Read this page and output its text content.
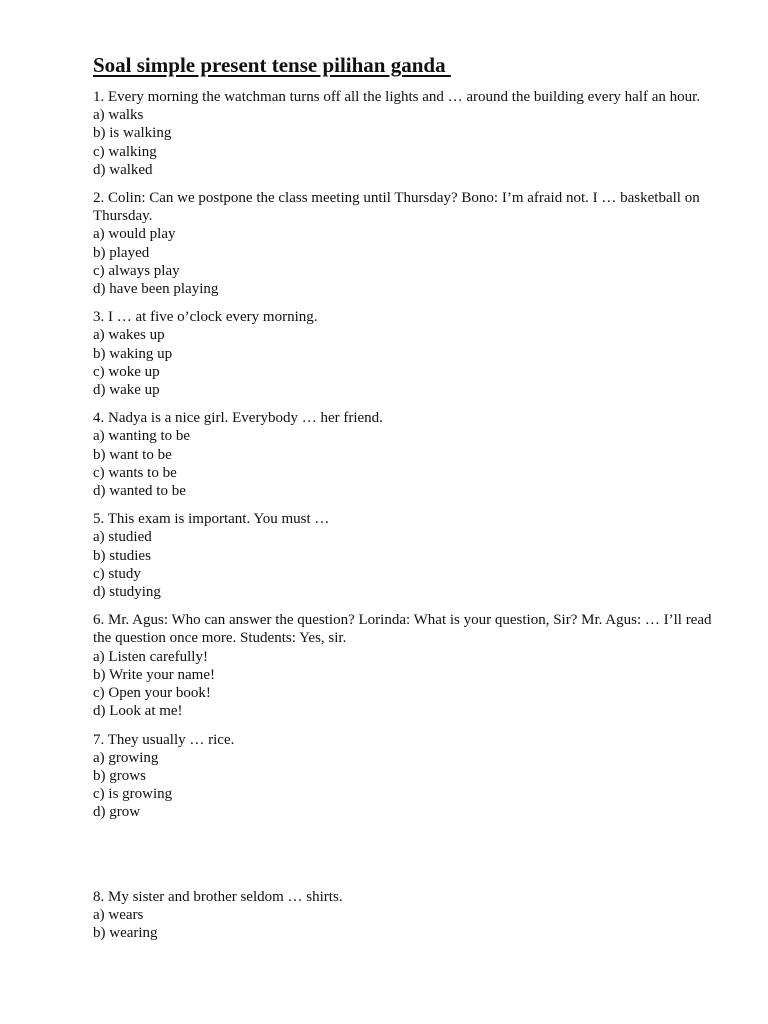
Soal simple present tense pilihan ganda

1. Every morning the watchman turns off all the lights and … around the building every half an hour.

a) walks
b) is walking
c) walking
d) walked

2. Colin: Can we postpone the class meeting until Thursday? Bono: I’m afraid not. I … basketball on Thursday.

a) would play
b) played
c) always play
d) have been playing

3. I … at five o’clock every morning.

a) wakes up
b) waking up
c) woke up
d) wake up

4. Nadya is a nice girl. Everybody … her friend.

a) wanting to be
b) want to be
c) wants to be
d) wanted to be

5. This exam is important. You must …

a) studied
b) studies
c) study
d) studying

6. Mr. Agus: Who can answer the question? Lorinda: What is your question, Sir? Mr. Agus: … I’ll read the question once more. Students: Yes, sir.

a) Listen carefully!
b) Write your name!
c) Open your book!
d) Look at me!

7. They usually … rice.

a) growing
b) grows
c) is growing
d) grow

8. My sister and brother seldom … shirts.

a) wears
b) wearing
